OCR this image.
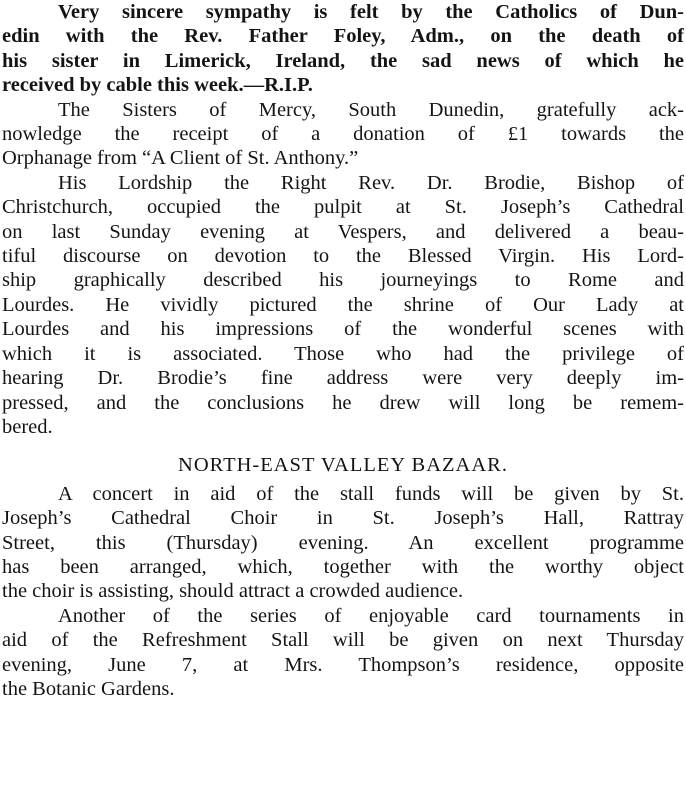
Very sincere sympathy is felt by the Catholics of Dun-
edin with the Rev. Father Foley, Adm., on the death of
his sister in Limerick, Ireland, the sad news of which he
received by cable this week.—R.I.P.

The Sisters of Mercy, South Dunedin, gratefully ack-
nowledge the receipt of a donation of £1 towards the
Orphanage from “A Client of St. Anthony.”

His Lordship the Right Rev. Dr. Brodie, Bishop of
Christchurch, occupied the pulpit at St. Joseph’s Cathedral
on last Sunday evening at Vespers, and delivered a beau-
tiful discourse on devotion to the Blessed Virgin. His Lord-
ship graphically described his journeyings to Rome and
Lourdes. He vividly pictured the shrine of Our Lady at
Lourdes and his impressions of the wonderful scenes with
which it is associated. Those who had the privilege of
hearing Dr. Brodie’s fine address were very deeply im-
pressed, and the conclusions he drew will long be remem-
bered.

NORTH-EAST VALLEY BAZAAR.

A concert in aid of the stall funds will be given by St.
Joseph’s Cathedral Choir in St. Joseph’s Hall, Rattray
Street, this (Thursday) evening. An excellent programme
has been arranged, which, together with the worthy object
the choir is assisting, should attract a crowded audience.

Another of the series of enjoyable card tournaments in
aid of the Refreshment Stall will be given on next Thursday
evening, June 7, at Mrs. Thompson’s residence, opposite
the Botanic Gardens.
